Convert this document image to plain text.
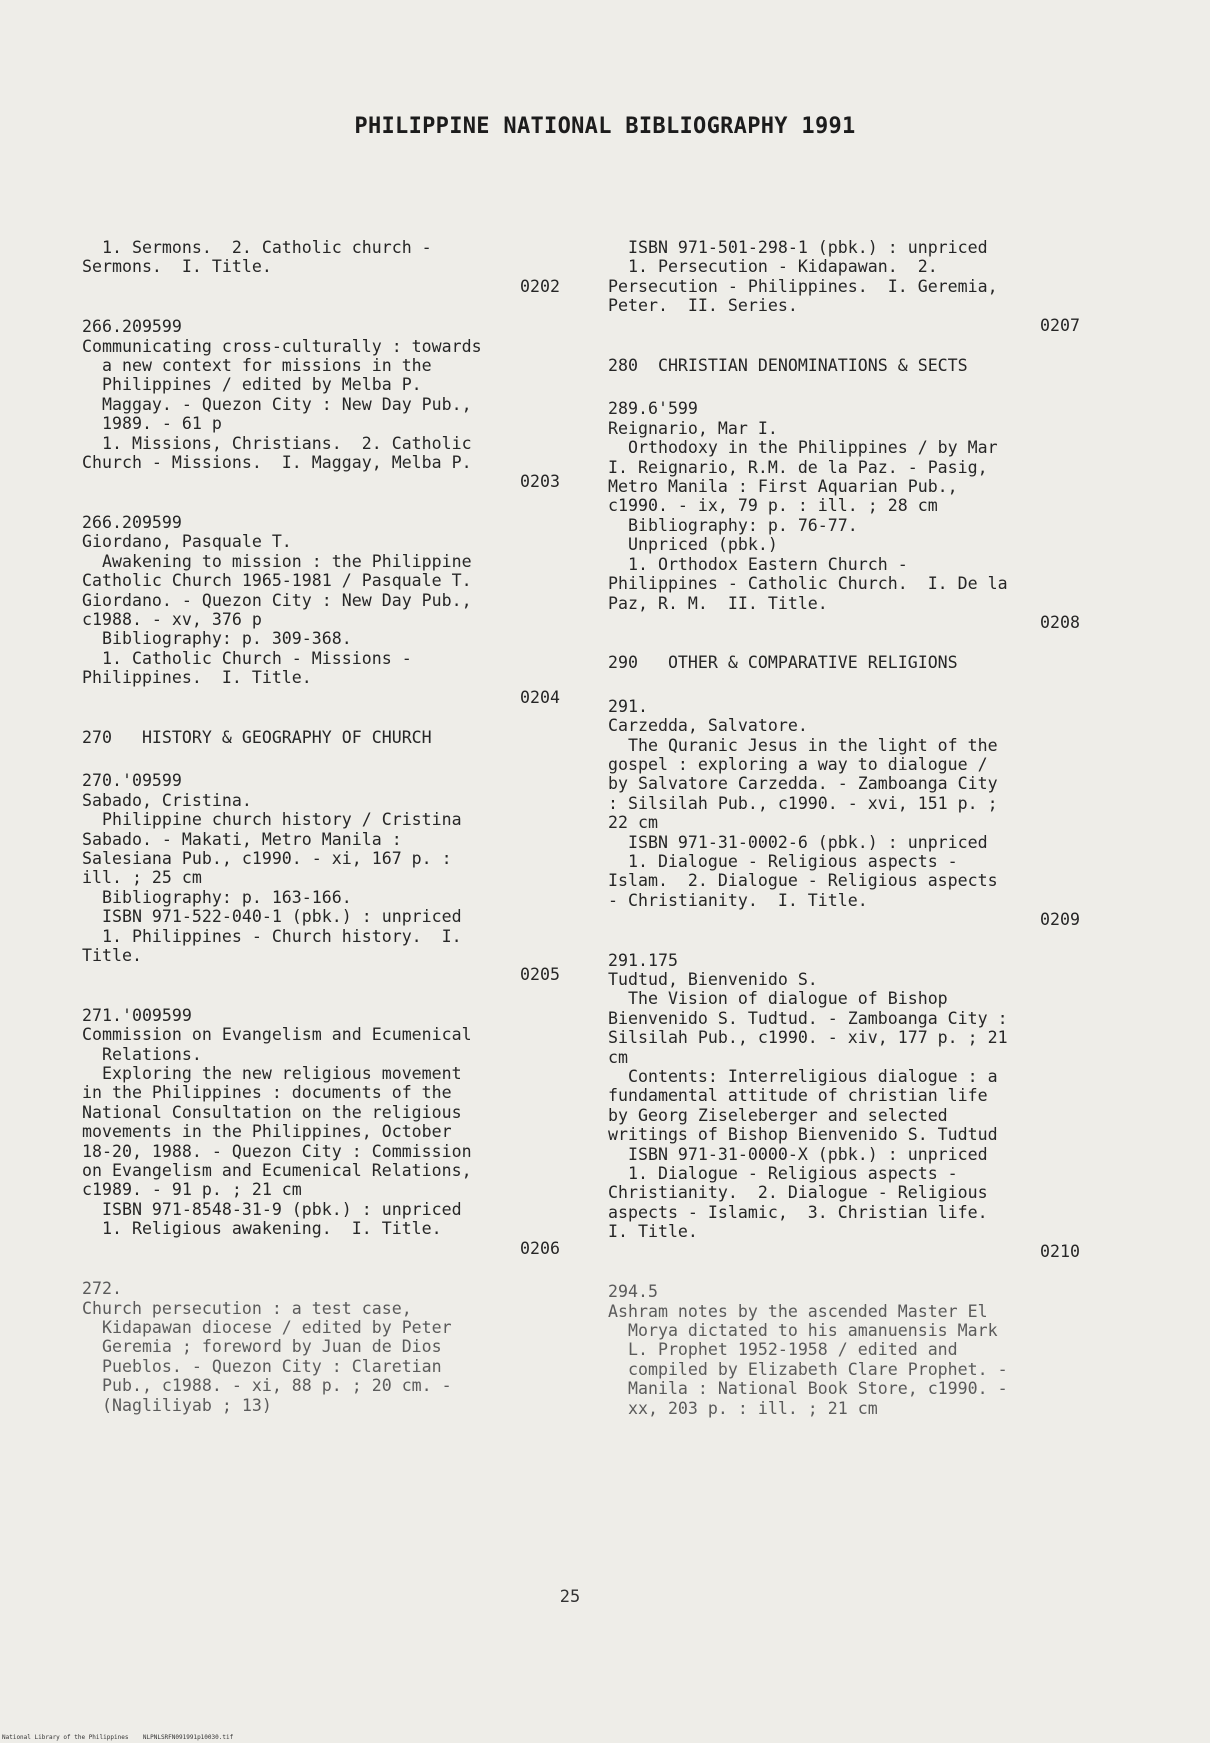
PHILIPPINE NATIONAL BIBLIOGRAPHY 1991
1. Sermons.  2. Catholic church -
Sermons.  I. Title.
0202
266.209599
Communicating cross-culturally : towards
a new context for missions in the
Philippines / edited by Melba P.
Maggay. - Quezon City : New Day Pub.,
1989. - 61 p
1. Missions, Christians.  2. Catholic
Church - Missions.  I. Maggay, Melba P.
0203
266.209599
Giordano, Pasquale T.
Awakening to mission : the Philippine
Catholic Church 1965-1981 / Pasquale T.
Giordano. - Quezon City : New Day Pub.,
c1988. - xv, 376 p
Bibliography: p. 309-368.
1. Catholic Church - Missions -
Philippines.  I. Title.
0204
270   HISTORY & GEOGRAPHY OF CHURCH
270.'09599
Sabado, Cristina.
Philippine church history / Cristina
Sabado. - Makati, Metro Manila :
Salesiana Pub., c1990. - xi, 167 p. :
ill. ; 25 cm
Bibliography: p. 163-166.
ISBN 971-522-040-1 (pbk.) : unpriced
1. Philippines - Church history.  I.
Title.
0205
271.'009599
Commission on Evangelism and Ecumenical
Relations.
Exploring the new religious movement
in the Philippines : documents of the
National Consultation on the religious
movements in the Philippines, October
18-20, 1988. - Quezon City : Commission
on Evangelism and Ecumenical Relations,
c1989. - 91 p. ; 21 cm
ISBN 971-8548-31-9 (pbk.) : unpriced
1. Religious awakening.  I. Title.
0206
272.
Church persecution : a test case,
Kidapawan diocese / edited by Peter
Geremia ; foreword by Juan de Dios
Pueblos. - Quezon City : Claretian
Pub., c1988. - xi, 88 p. ; 20 cm. -
(Nagliliyab ; 13)
ISBN 971-501-298-1 (pbk.) : unpriced
1. Persecution - Kidapawan.  2.
Persecution - Philippines.  I. Geremia,
Peter.  II. Series.
0207
280  CHRISTIAN DENOMINATIONS & SECTS
289.6'599
Reignario, Mar I.
Orthodoxy in the Philippines / by Mar
I. Reignario, R.M. de la Paz. - Pasig,
Metro Manila : First Aquarian Pub.,
c1990. - ix, 79 p. : ill. ; 28 cm
Bibliography: p. 76-77.
Unpriced (pbk.)
1. Orthodox Eastern Church -
Philippines - Catholic Church.  I. De la
Paz, R. M.  II. Title.
0208
290   OTHER & COMPARATIVE RELIGIONS
291.
Carzedda, Salvatore.
The Quranic Jesus in the light of the
gospel : exploring a way to dialogue /
by Salvatore Carzedda. - Zamboanga City
: Silsilah Pub., c1990. - xvi, 151 p. ;
22 cm
ISBN 971-31-0002-6 (pbk.) : unpriced
1. Dialogue - Religious aspects -
Islam.  2. Dialogue - Religious aspects
- Christianity.  I. Title.
0209
291.175
Tudtud, Bienvenido S.
The Vision of dialogue of Bishop
Bienvenido S. Tudtud. - Zamboanga City :
Silsilah Pub., c1990. - xiv, 177 p. ; 21
cm
Contents: Interreligious dialogue : a
fundamental attitude of christian life
by Georg Ziseleberger and selected
writings of Bishop Bienvenido S. Tudtud
ISBN 971-31-0000-X (pbk.) : unpriced
1. Dialogue - Religious aspects -
Christianity.  2. Dialogue - Religious
aspects - Islamic,  3. Christian life.
I. Title.
0210
294.5
Ashram notes by the ascended Master El
Morya dictated to his amanuensis Mark
L. Prophet 1952-1958 / edited and
compiled by Elizabeth Clare Prophet. -
Manila : National Book Store, c1990. -
xx, 203 p. : ill. ; 21 cm
25
National Library of the Philippines    NLPNLSRFN091991p10030.tif
